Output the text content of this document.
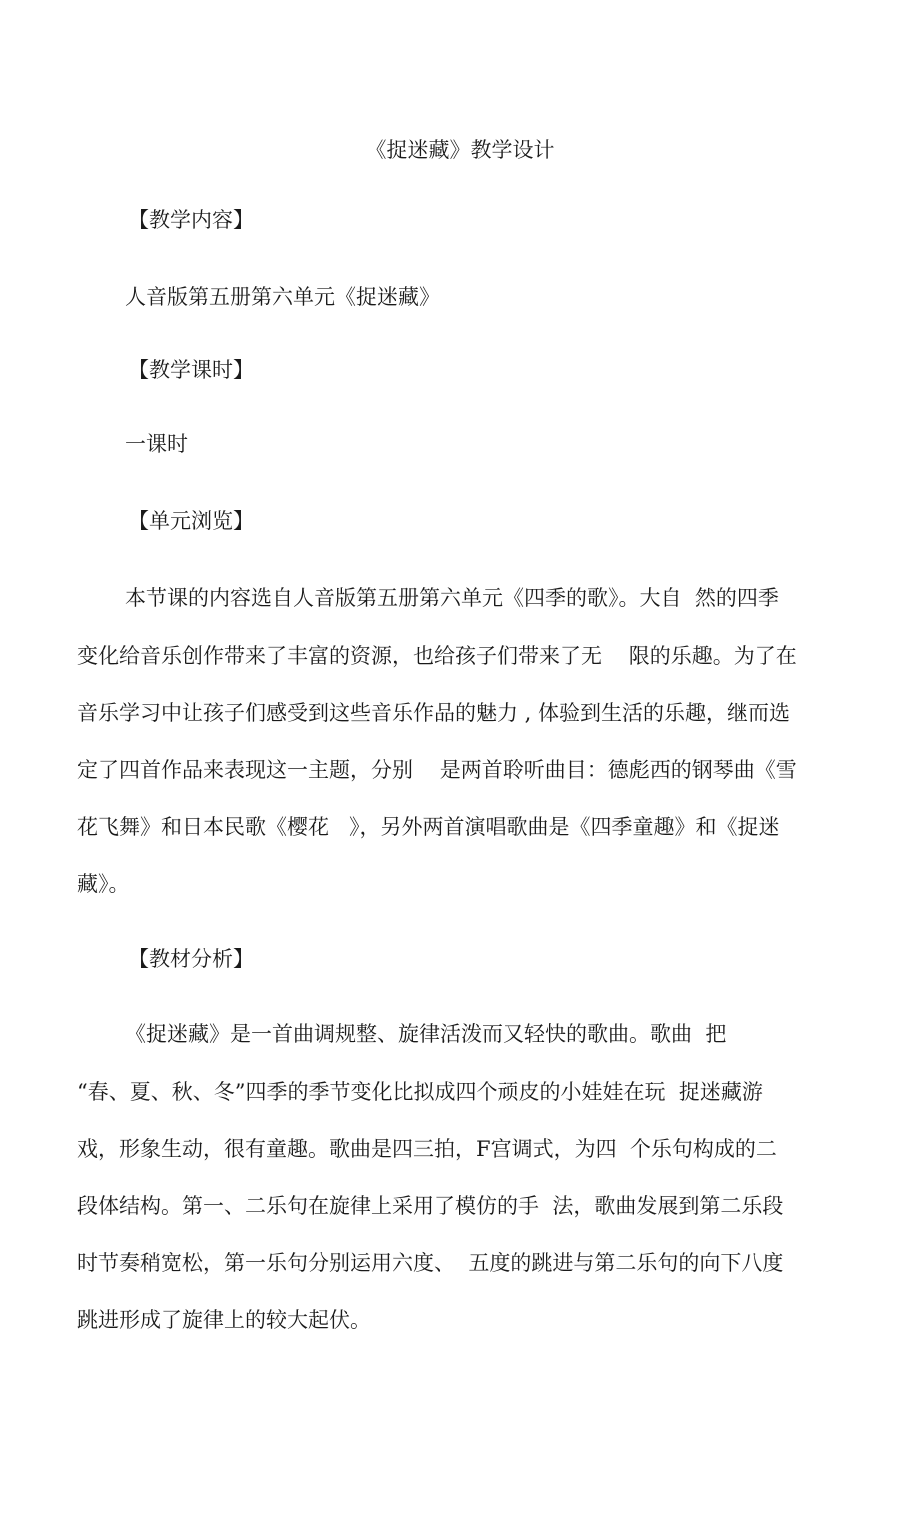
《捉迷藏》教学设计
【教学内容】
人音版第五册第六单元《捉迷藏》
【教学课时】
一课时
【单元浏览】
本节课的内容选自人音版第五册第六单元《四季的歌》。大自  然的四季
变化给音乐创作带来了丰富的资源，也给孩子们带来了无    限的乐趣。为了在
音乐学习中让孩子们感受到这些音乐作品的魅力 , 体验到生活的乐趣，继而选
定了四首作品来表现这一主题，分别    是两首聆听曲目：德彪西的钢琴曲《雪
花飞舞》和日本民歌《樱花   》，另外两首演唱歌曲是《四季童趣》和《捉迷
藏》。
【教材分析】
《捉迷藏》是一首曲调规整、旋律活泼而又轻快的歌曲。歌曲  把
“春、夏、秋、冬”四季的季节变化比拟成四个顽皮的小娃娃在玩  捉迷藏游
戏，形象生动，很有童趣。歌曲是四三拍，F宫调式，为四  个乐句构成的二
段体结构。第一、二乐句在旋律上采用了模仿的手  法，歌曲发展到第二乐段
时节奏稍宽松，第一乐句分别运用六度、  五度的跳进与第二乐句的向下八度
跳进形成了旋律上的较大起伏。
